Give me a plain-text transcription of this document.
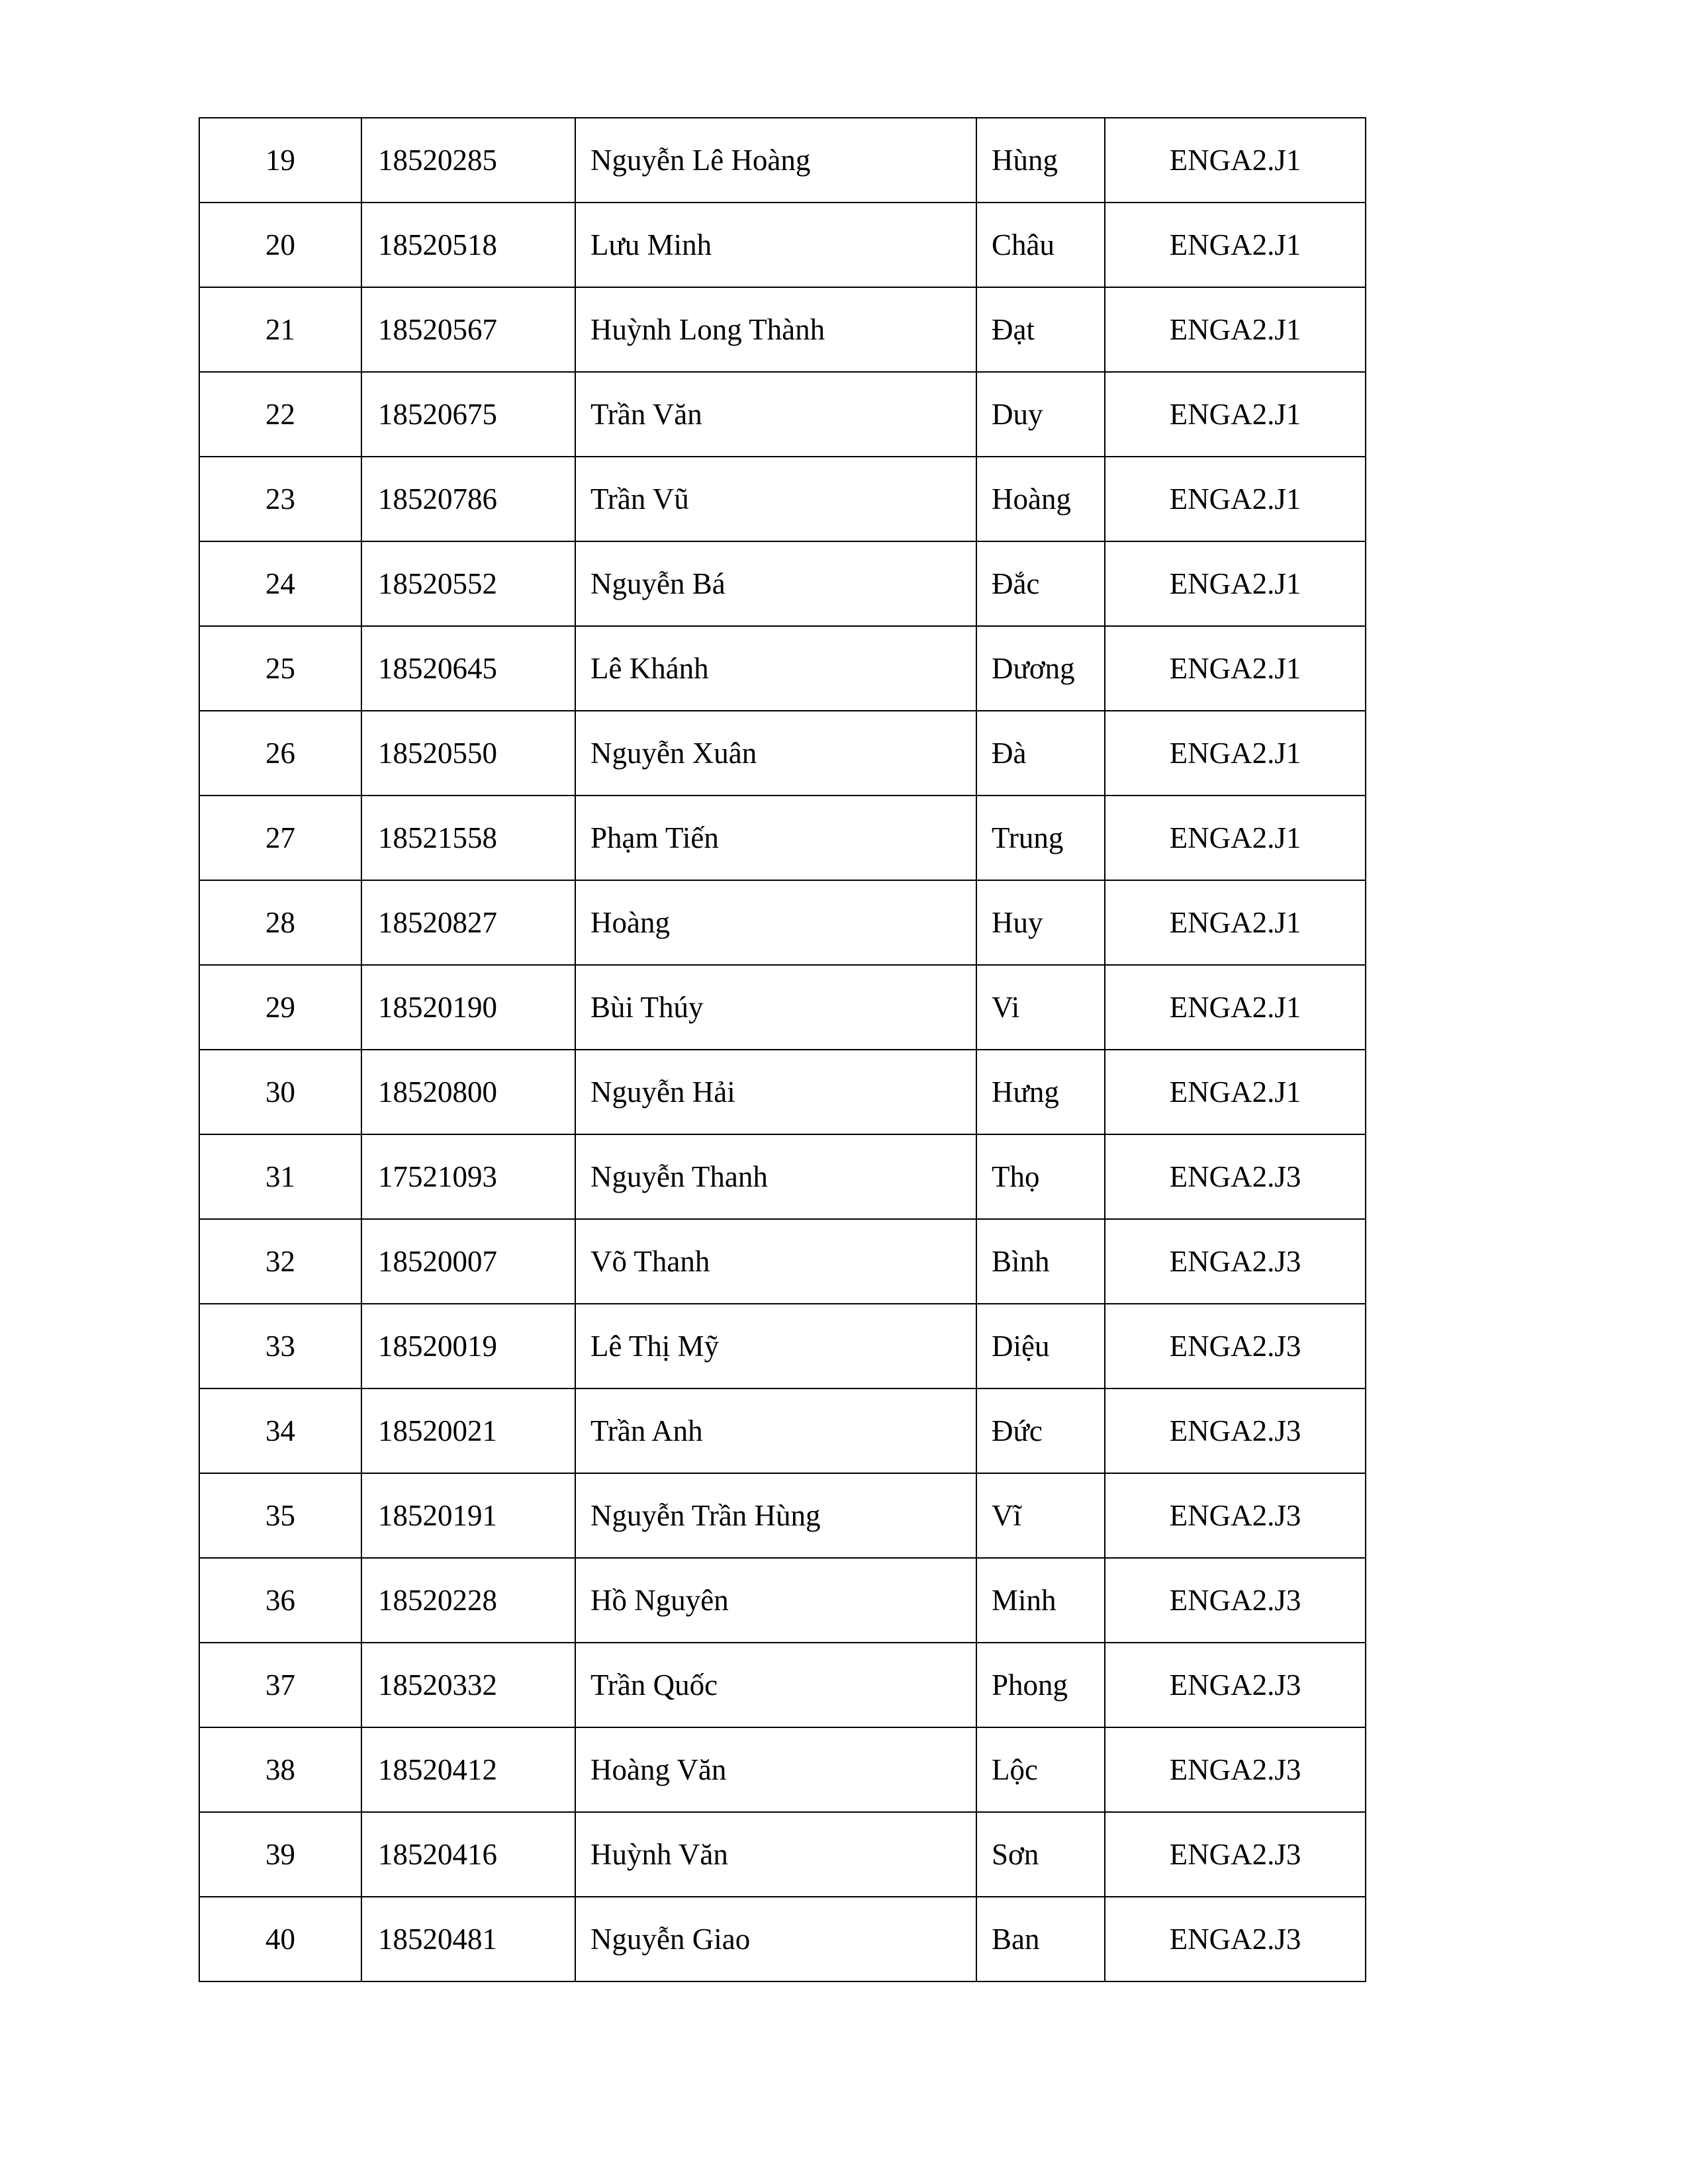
19	18520285	Nguyễn Lê Hoàng	Hùng	ENGA2.J1
20	18520518	Lưu Minh	Châu	ENGA2.J1
21	18520567	Huỳnh Long Thành	Đạt	ENGA2.J1
22	18520675	Trần Văn	Duy	ENGA2.J1
23	18520786	Trần Vũ	Hoàng	ENGA2.J1
24	18520552	Nguyễn Bá	Đắc	ENGA2.J1
25	18520645	Lê Khánh	Dương	ENGA2.J1
26	18520550	Nguyễn Xuân	Đà	ENGA2.J1
27	18521558	Phạm Tiến	Trung	ENGA2.J1
28	18520827	Hoàng	Huy	ENGA2.J1
29	18520190	Bùi Thúy	Vi	ENGA2.J1
30	18520800	Nguyễn Hải	Hưng	ENGA2.J1
31	17521093	Nguyễn Thanh	Thọ	ENGA2.J3
32	18520007	Võ Thanh	Bình	ENGA2.J3
33	18520019	Lê Thị Mỹ	Diệu	ENGA2.J3
34	18520021	Trần Anh	Đức	ENGA2.J3
35	18520191	Nguyễn Trần Hùng	Vĩ	ENGA2.J3
36	18520228	Hồ Nguyên	Minh	ENGA2.J3
37	18520332	Trần Quốc	Phong	ENGA2.J3
38	18520412	Hoàng Văn	Lộc	ENGA2.J3
39	18520416	Huỳnh Văn	Sơn	ENGA2.J3
40	18520481	Nguyễn Giao	Ban	ENGA2.J3
